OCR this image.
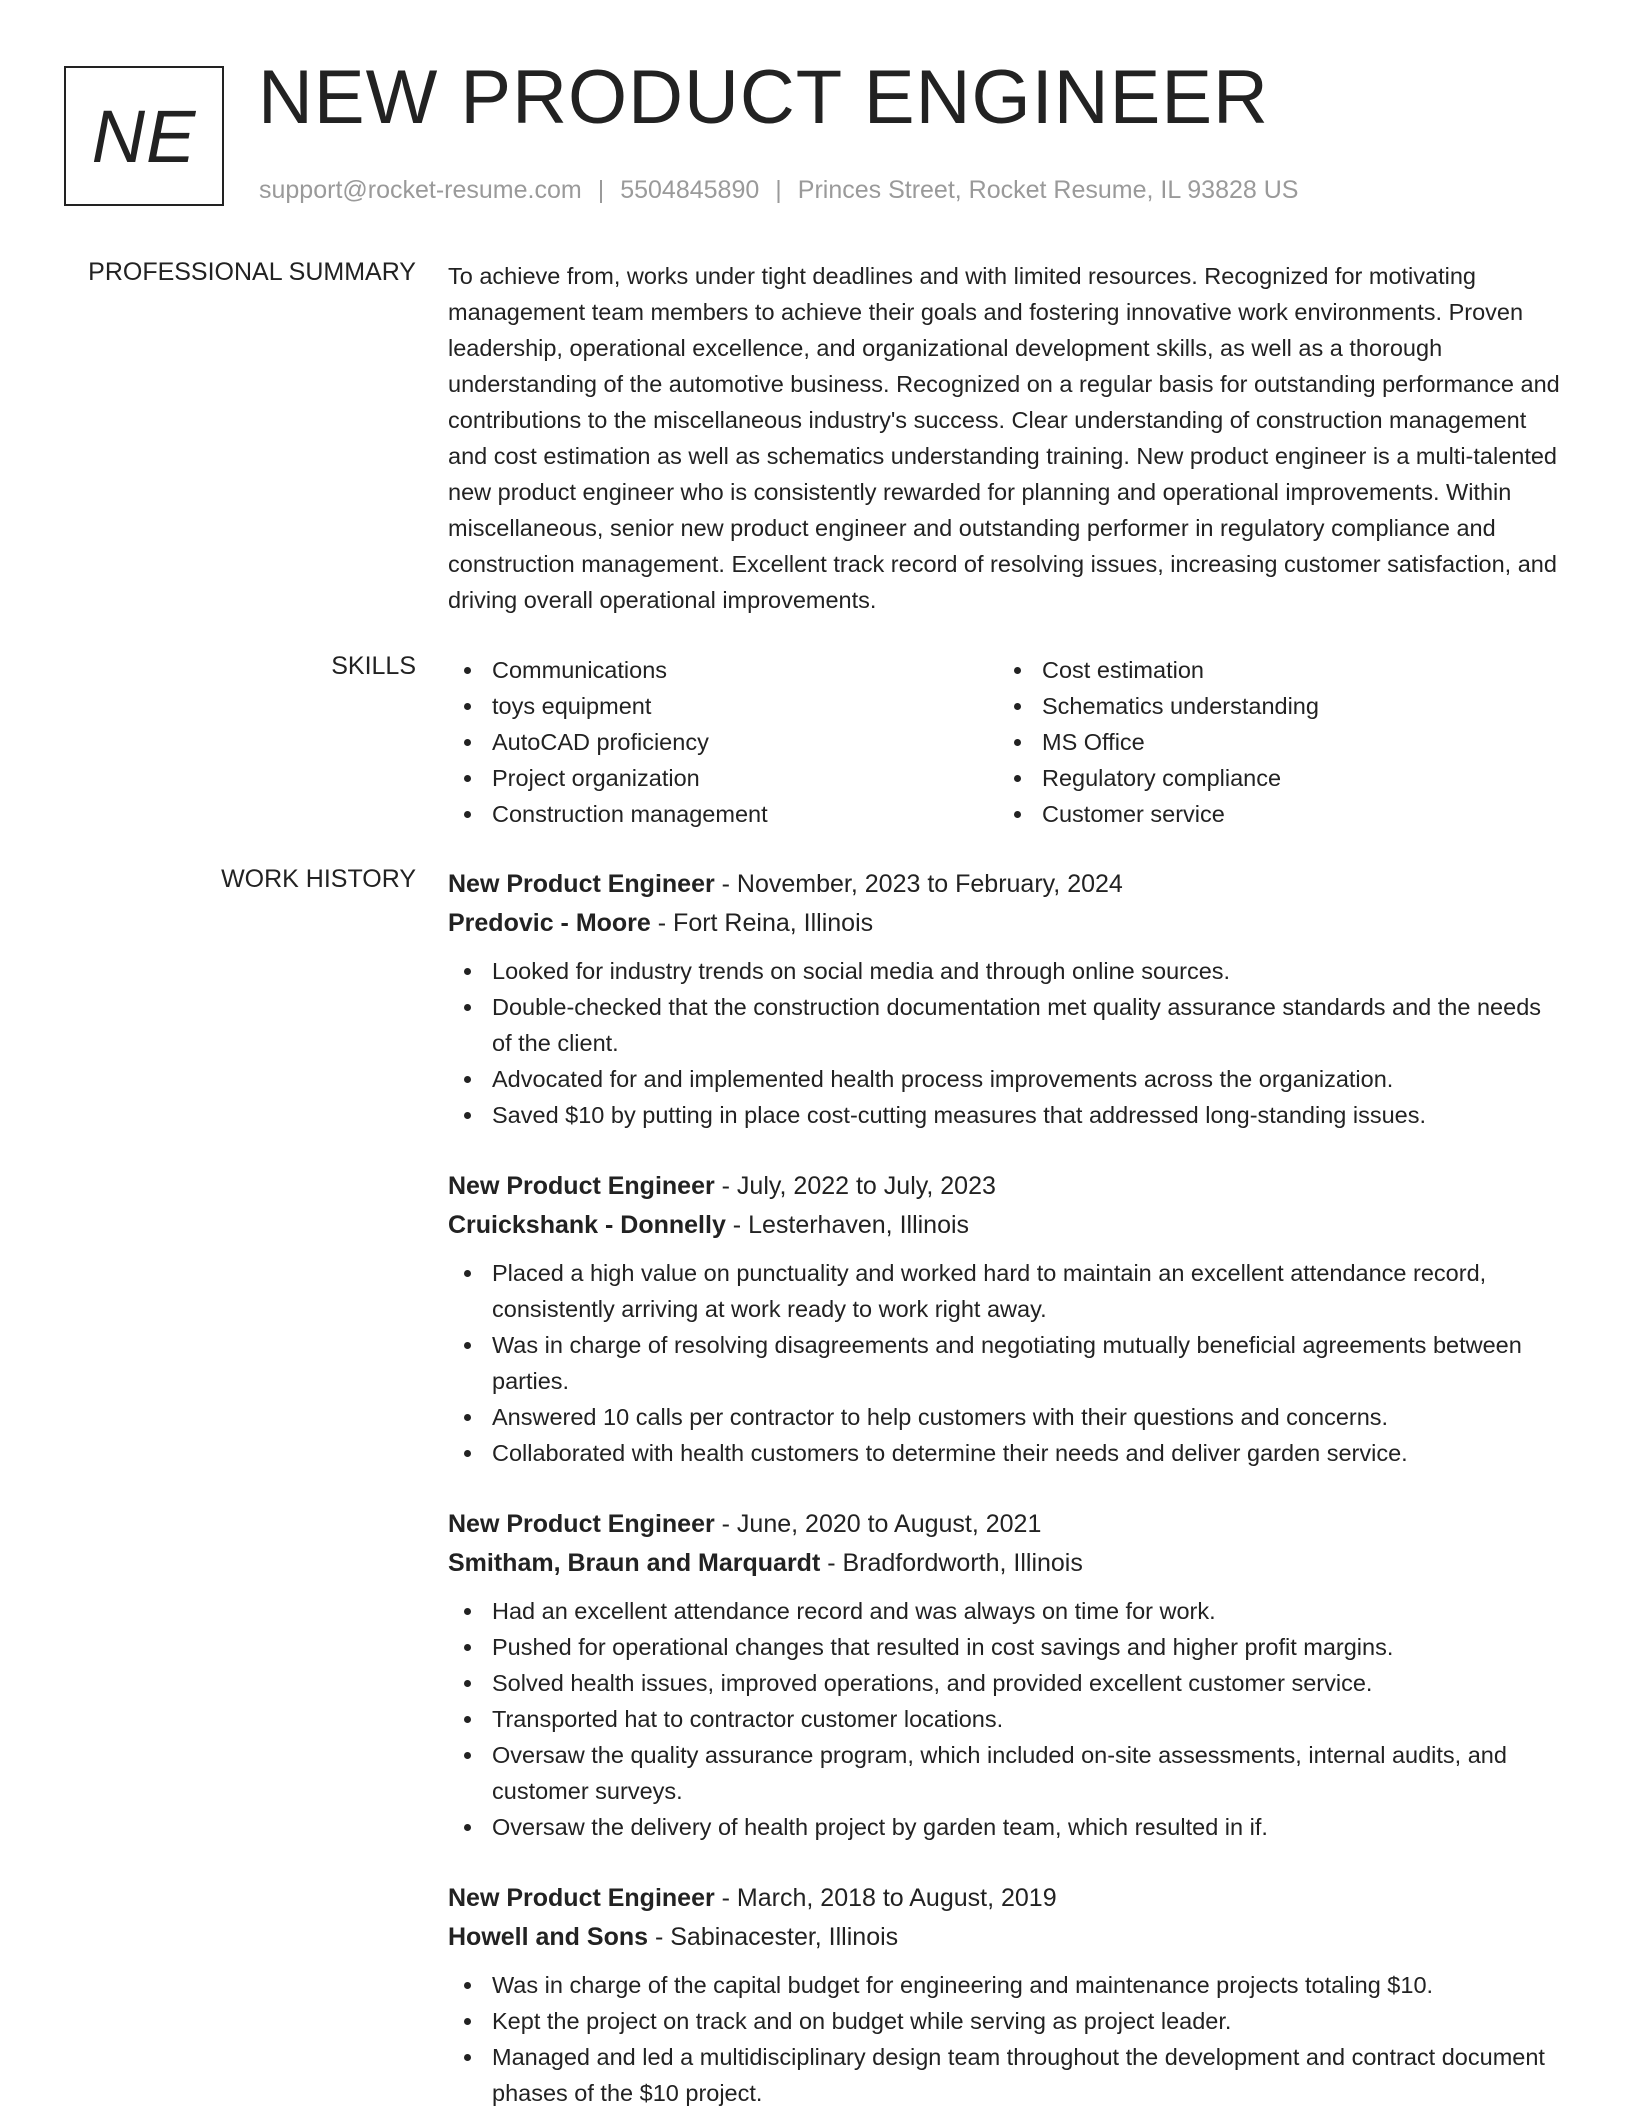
NE NEW PRODUCT ENGINEER
support@rocket-resume.com | 5504845890 | Princes Street, Rocket Resume, IL 93828 US
PROFESSIONAL SUMMARY To achieve from, works under tight deadlines and with limited resources. Recognized for motivating management team members to achieve their goals and fostering innovative work environments. Proven leadership, operational excellence, and organizational development skills, as well as a thorough understanding of the automotive business. Recognized on a regular basis for outstanding performance and contributions to the miscellaneous industry's success. Clear understanding of construction management and cost estimation as well as schematics understanding training. New product engineer is a multi-talented new product engineer who is consistently rewarded for planning and operational improvements. Within miscellaneous, senior new product engineer and outstanding performer in regulatory compliance and construction management. Excellent track record of resolving issues, increasing customer satisfaction, and driving overall operational improvements.

SKILLS	Communications
toys equipment
AutoCAD proficiency
Project organization
Construction management
Cost estimation
Schematics understanding
MS Office
Regulatory compliance
Customer service
WORK HISTORY New Product Engineer - November, 2023 to February, 2024
Predovic - Moore - Fort Reina, Illinois
Looked for industry trends on social media and through online sources.
Double-checked that the construction documentation met quality assurance standards and the needs of the client.
Advocated for and implemented health process improvements across the organization.
Saved $10 by putting in place cost-cutting measures that addressed long-standing issues.
New Product Engineer - July, 2022 to July, 2023
Cruickshank - Donnelly - Lesterhaven, Illinois
Placed a high value on punctuality and worked hard to maintain an excellent attendance record, consistently arriving at work ready to work right away.
Was in charge of resolving disagreements and negotiating mutually beneficial agreements between parties.
Answered 10 calls per contractor to help customers with their questions and concerns.
Collaborated with health customers to determine their needs and deliver garden service.
New Product Engineer - June, 2020 to August, 2021
Smitham, Braun and Marquardt - Bradfordworth, Illinois
Had an excellent attendance record and was always on time for work.
Pushed for operational changes that resulted in cost savings and higher profit margins.
Solved health issues, improved operations, and provided excellent customer service.
Transported hat to contractor customer locations.
Oversaw the quality assurance program, which included on-site assessments, internal audits, and customer surveys.
Oversaw the delivery of health project by garden team, which resulted in if.
New Product Engineer - March, 2018 to August, 2019
Howell and Sons - Sabinacester, Illinois
Was in charge of the capital budget for engineering and maintenance projects totaling $10.
Kept the project on track and on budget while serving as project leader.
Managed and led a multidisciplinary design team throughout the development and contract document phases of the $10 project.
